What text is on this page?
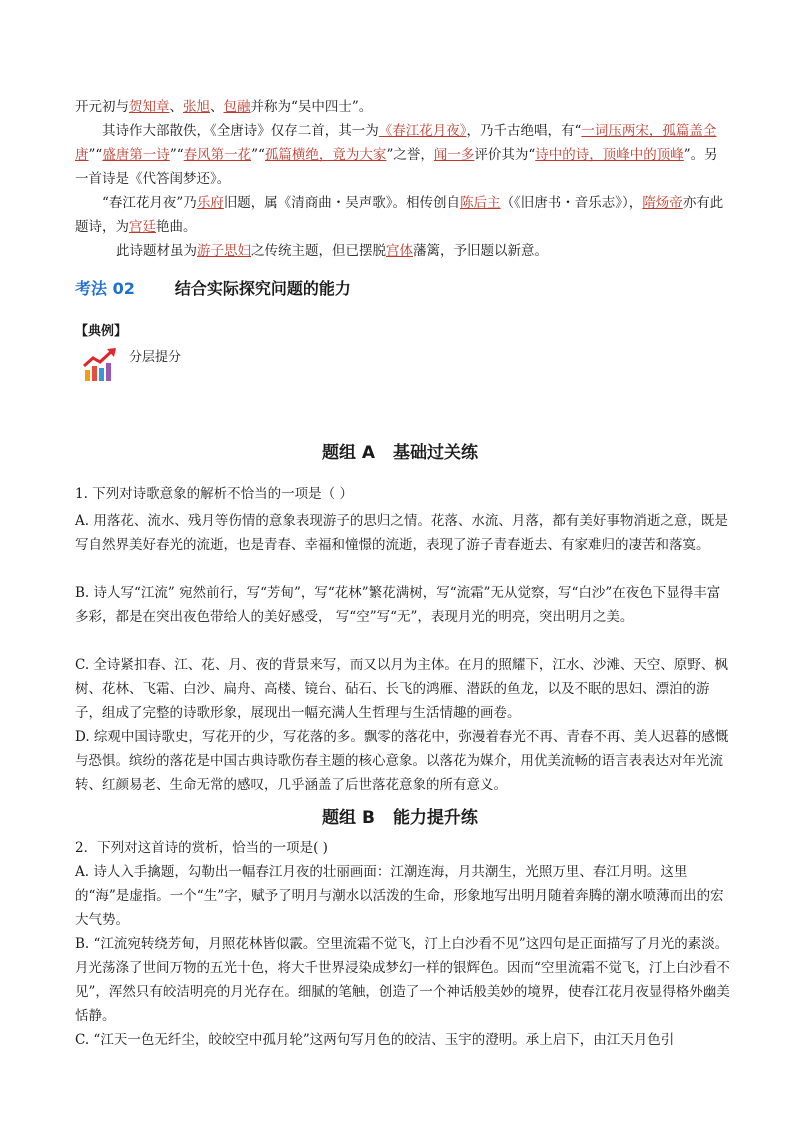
开元初与贺知章、张旭、包融并称为“吴中四士”。

其诗作大部散佚，《全唐诗》仅存二首，其一为《春江花月夜》，乃千古绝唱，有“一词压两宋，孤篇盖全唐”“盛唐第一诗”“春风第一花”“孤篇横绝，竟为大家”之誉，闻一多评价其为“诗中的诗，顶峰中的顶峰”。另一首诗是《代答闺梦还》。

“春江花月夜”乃乐府旧题，属《清商曲・吴声歌》。相传创自陈后主（《旧唐书・音乐志》），隋炀帝亦有此题诗，为宫廷艳曲。

此诗题材虽为游子思妇之传统主题，但已摆脱宫体藩篱，予旧题以新意。

考法 02	结合实际探究问题的能力
【典例】
分层提分
题组 A 基础过关练

1. 下列对诗歌意象的解析不恰当的一项是（ ）

A. 用落花、流水、残月等伤情的意象表现游子的思归之情。花落、水流、月落，都有美好事物消逝之意，既是写自然界美好春光的流逝，也是青春、幸福和憧憬的流逝，表现了游子青春逝去、有家难归的凄苦和落寞。

B. 诗人写“江流” 宛然前行，写“芳甸”，写“花林”繁花满树，写“流霜”无从觉察，写“白沙”在夜色下显得丰富多彩，都是在突出夜色带给人的美好感受， 写“空”写“无”，表现月光的明亮，突出明月之美。

C. 全诗紧扣春、江、花、月、夜的背景来写，而又以月为主体。在月的照耀下，江水、沙滩、天空、原野、枫树、花林、飞霜、白沙、扁舟、高楼、镜台、砧石、长飞的鸿雁、潜跃的鱼龙，以及不眠的思妇、漂泊的游子，组成了完整的诗歌形象，展现出一幅充满人生哲理与生活情趣的画卷。

D. 综观中国诗歌史，写花开的少，写花落的多。飘零的落花中，弥漫着春光不再、青春不再、美人迟暮的感慨与恐惧。缤纷的落花是中国古典诗歌伤春主题的核心意象。以落花为媒介，用优美流畅的语言表表达对年光流转、红颜易老、生命无常的感叹，几乎涵盖了后世落花意象的所有意义。

题组 B 能力提升练

2．下列对这首诗的赏析，恰当的一项是( )

A. 诗人入手擒题，勾勒出一幅春江月夜的壮丽画面：江潮连海，月共潮生，光照万里、春江月明。这里的“海”是虚指。一个“生”字，赋予了明月与潮水以活泼的生命，形象地写出明月随着奔腾的潮水喷薄而出的宏大气势。

B. “江流宛转绕芳甸，月照花林皆似霰。空里流霜不觉飞，汀上白沙看不见”这四句是正面描写了月光的素淡。月光荡涤了世间万物的五光十色，将大千世界浸染成梦幻一样的银辉色。因而“空里流霜不觉飞，汀上白沙看不见”，浑然只有皎洁明亮的月光存在。细腻的笔触，创造了一个神话般美妙的境界，使春江花月夜显得格外幽美恬静。

C. “江天一色无纤尘，皎皎空中孤月轮”这两句写月色的皎洁、玉宇的澄明。承上启下，由江天月色引
